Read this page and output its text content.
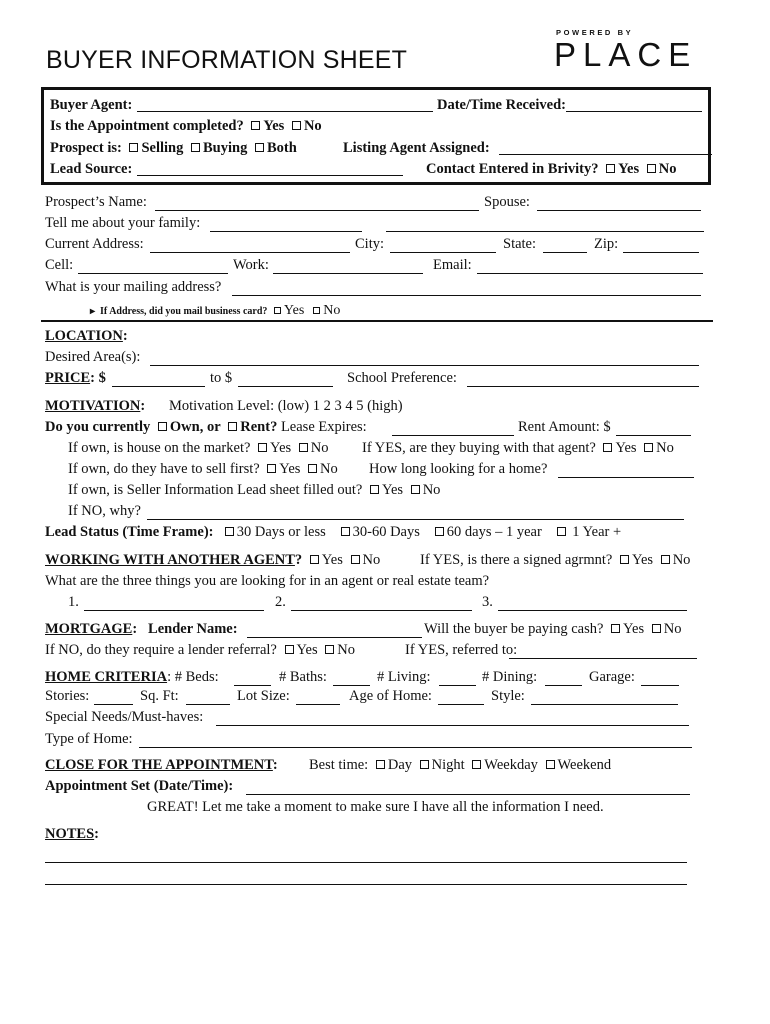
BUYER INFORMATION SHEET
POWERED BY
PLACE
Buyer Agent:	Date/Time Received:
Is the Appointment completed? Yes No
Prospect is: Selling Buying Both	Listing Agent Assigned:
Lead Source:	Contact Entered in Brivity? Yes No
Prospect’s Name:	Spouse:
Tell me about your family:
Current Address:	City:	State:	Zip:
Cell:	Work:	Email:
What is your mailing address?
▸ If Address, did you mail business card? Yes No
LOCATION:
Desired Area(s):
PRICE: $	to $	School Preference:
MOTIVATION: Motivation Level: (low) 1 2 3 4 5 (high)
Do you currently Own, or Rent? Lease Expires:	Rent Amount: $
If own, is house on the market? Yes No If YES, are they buying with that agent? Yes No
If own, do they have to sell first? Yes No How long looking for a home?
If own, is Seller Information Lead sheet filled out? Yes No
If NO, why?
Lead Status (Time Frame): 30 Days or less 30-60 Days 60 days – 1 year 1 Year +
WORKING WITH ANOTHER AGENT? Yes No	If YES, is there a signed agrmnt? Yes No
What are the three things you are looking for in an agent or real estate team?
1.	2.	3.
MORTGAGE: Lender Name:	Will the buyer be paying cash? Yes No
If NO, do they require a lender referral? Yes No	If YES, referred to:
HOME CRITERIA: # Beds:	# Baths:	# Living:	# Dining:	Garage:
Stories:	Sq. Ft:	Lot Size:	Age of Home:	Style:
Special Needs/Must-haves:
Type of Home:
CLOSE FOR THE APPOINTMENT: Best time: Day Night Weekday Weekend
Appointment Set (Date/Time):
GREAT! Let me take a moment to make sure I have all the information I need.
NOTES:
